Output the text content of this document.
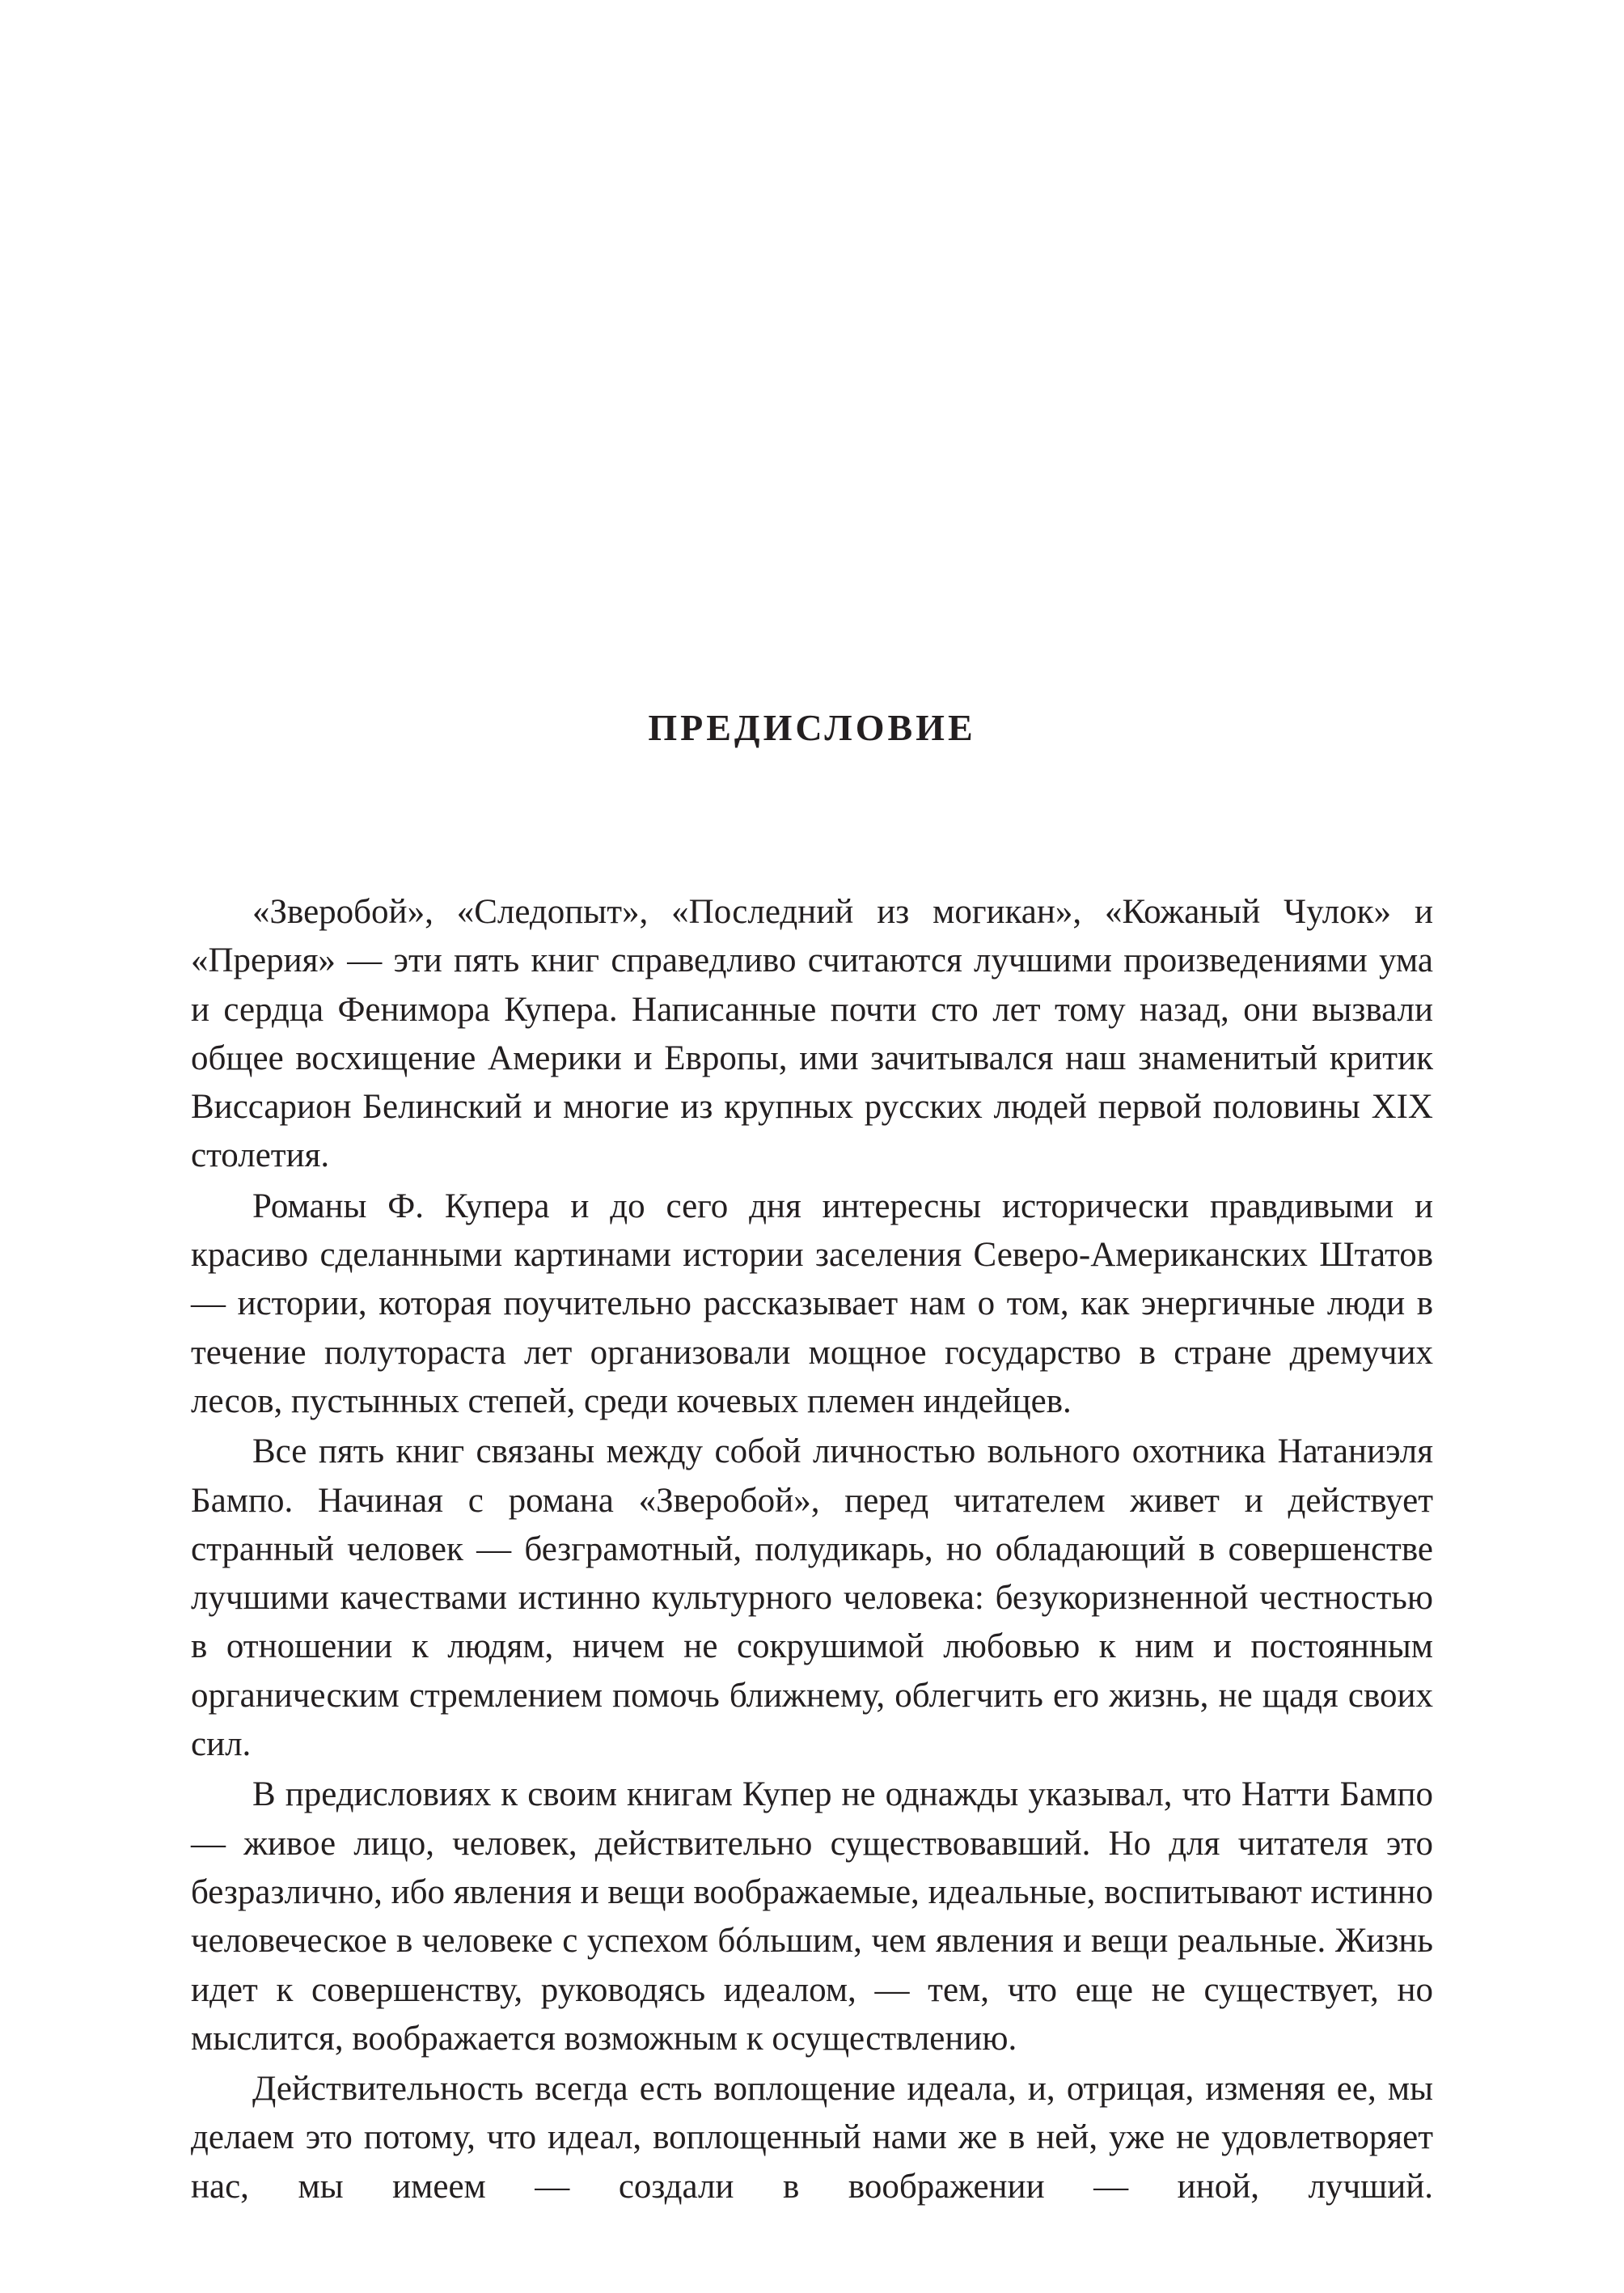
ПРЕДИСЛОВИЕ

«Зверобой», «Следопыт», «Последний из могикан», «Кожаный Чулок» и «Прерия» — эти пять книг справедливо считаются лучшими произведениями ума и сердца Фенимора Купера. Написанные почти сто лет тому назад, они вызвали общее восхищение Америки и Европы, ими зачитывался наш знаменитый критик Виссарион Белинский и многие из крупных русских людей первой половины XIX столетия.

Романы Ф. Купера и до сего дня интересны исторически правдивыми и красиво сделанными картинами истории заселения Северо-Американских Штатов — истории, которая поучительно рассказывает нам о том, как энергичные люди в течение полутораста лет организовали мощное государство в стране дремучих лесов, пустынных степей, среди кочевых племен индейцев.

Все пять книг связаны между собой личностью вольного охотника Натаниэля Бампо. Начиная с романа «Зверобой», перед читателем живет и действует странный человек — безграмотный, полудикарь, но обладающий в совершенстве лучшими качествами истинно культурного человека: безукоризненной честностью в отношении к людям, ничем не сокрушимой любовью к ним и постоянным органическим стремлением помочь ближнему, облегчить его жизнь, не щадя своих сил.

В предисловиях к своим книгам Купер не однажды указывал, что Натти Бампо — живое лицо, человек, действительно существовавший. Но для читателя это безразлично, ибо явления и вещи воображаемые, идеальные, воспитывают истинно человеческое в человеке с успехом бóльшим, чем явления и вещи реальные. Жизнь идет к совершенству, руководясь идеалом, — тем, что еще не существует, но мыслится, воображается возможным к осуществлению.

Действительность всегда есть воплощение идеала, и, отрицая, изменяя ее, мы делаем это потому, что идеал, воплощенный нами же в ней, уже не удовлетворяет нас, мы имеем — создали в воображении — иной, лучший.
